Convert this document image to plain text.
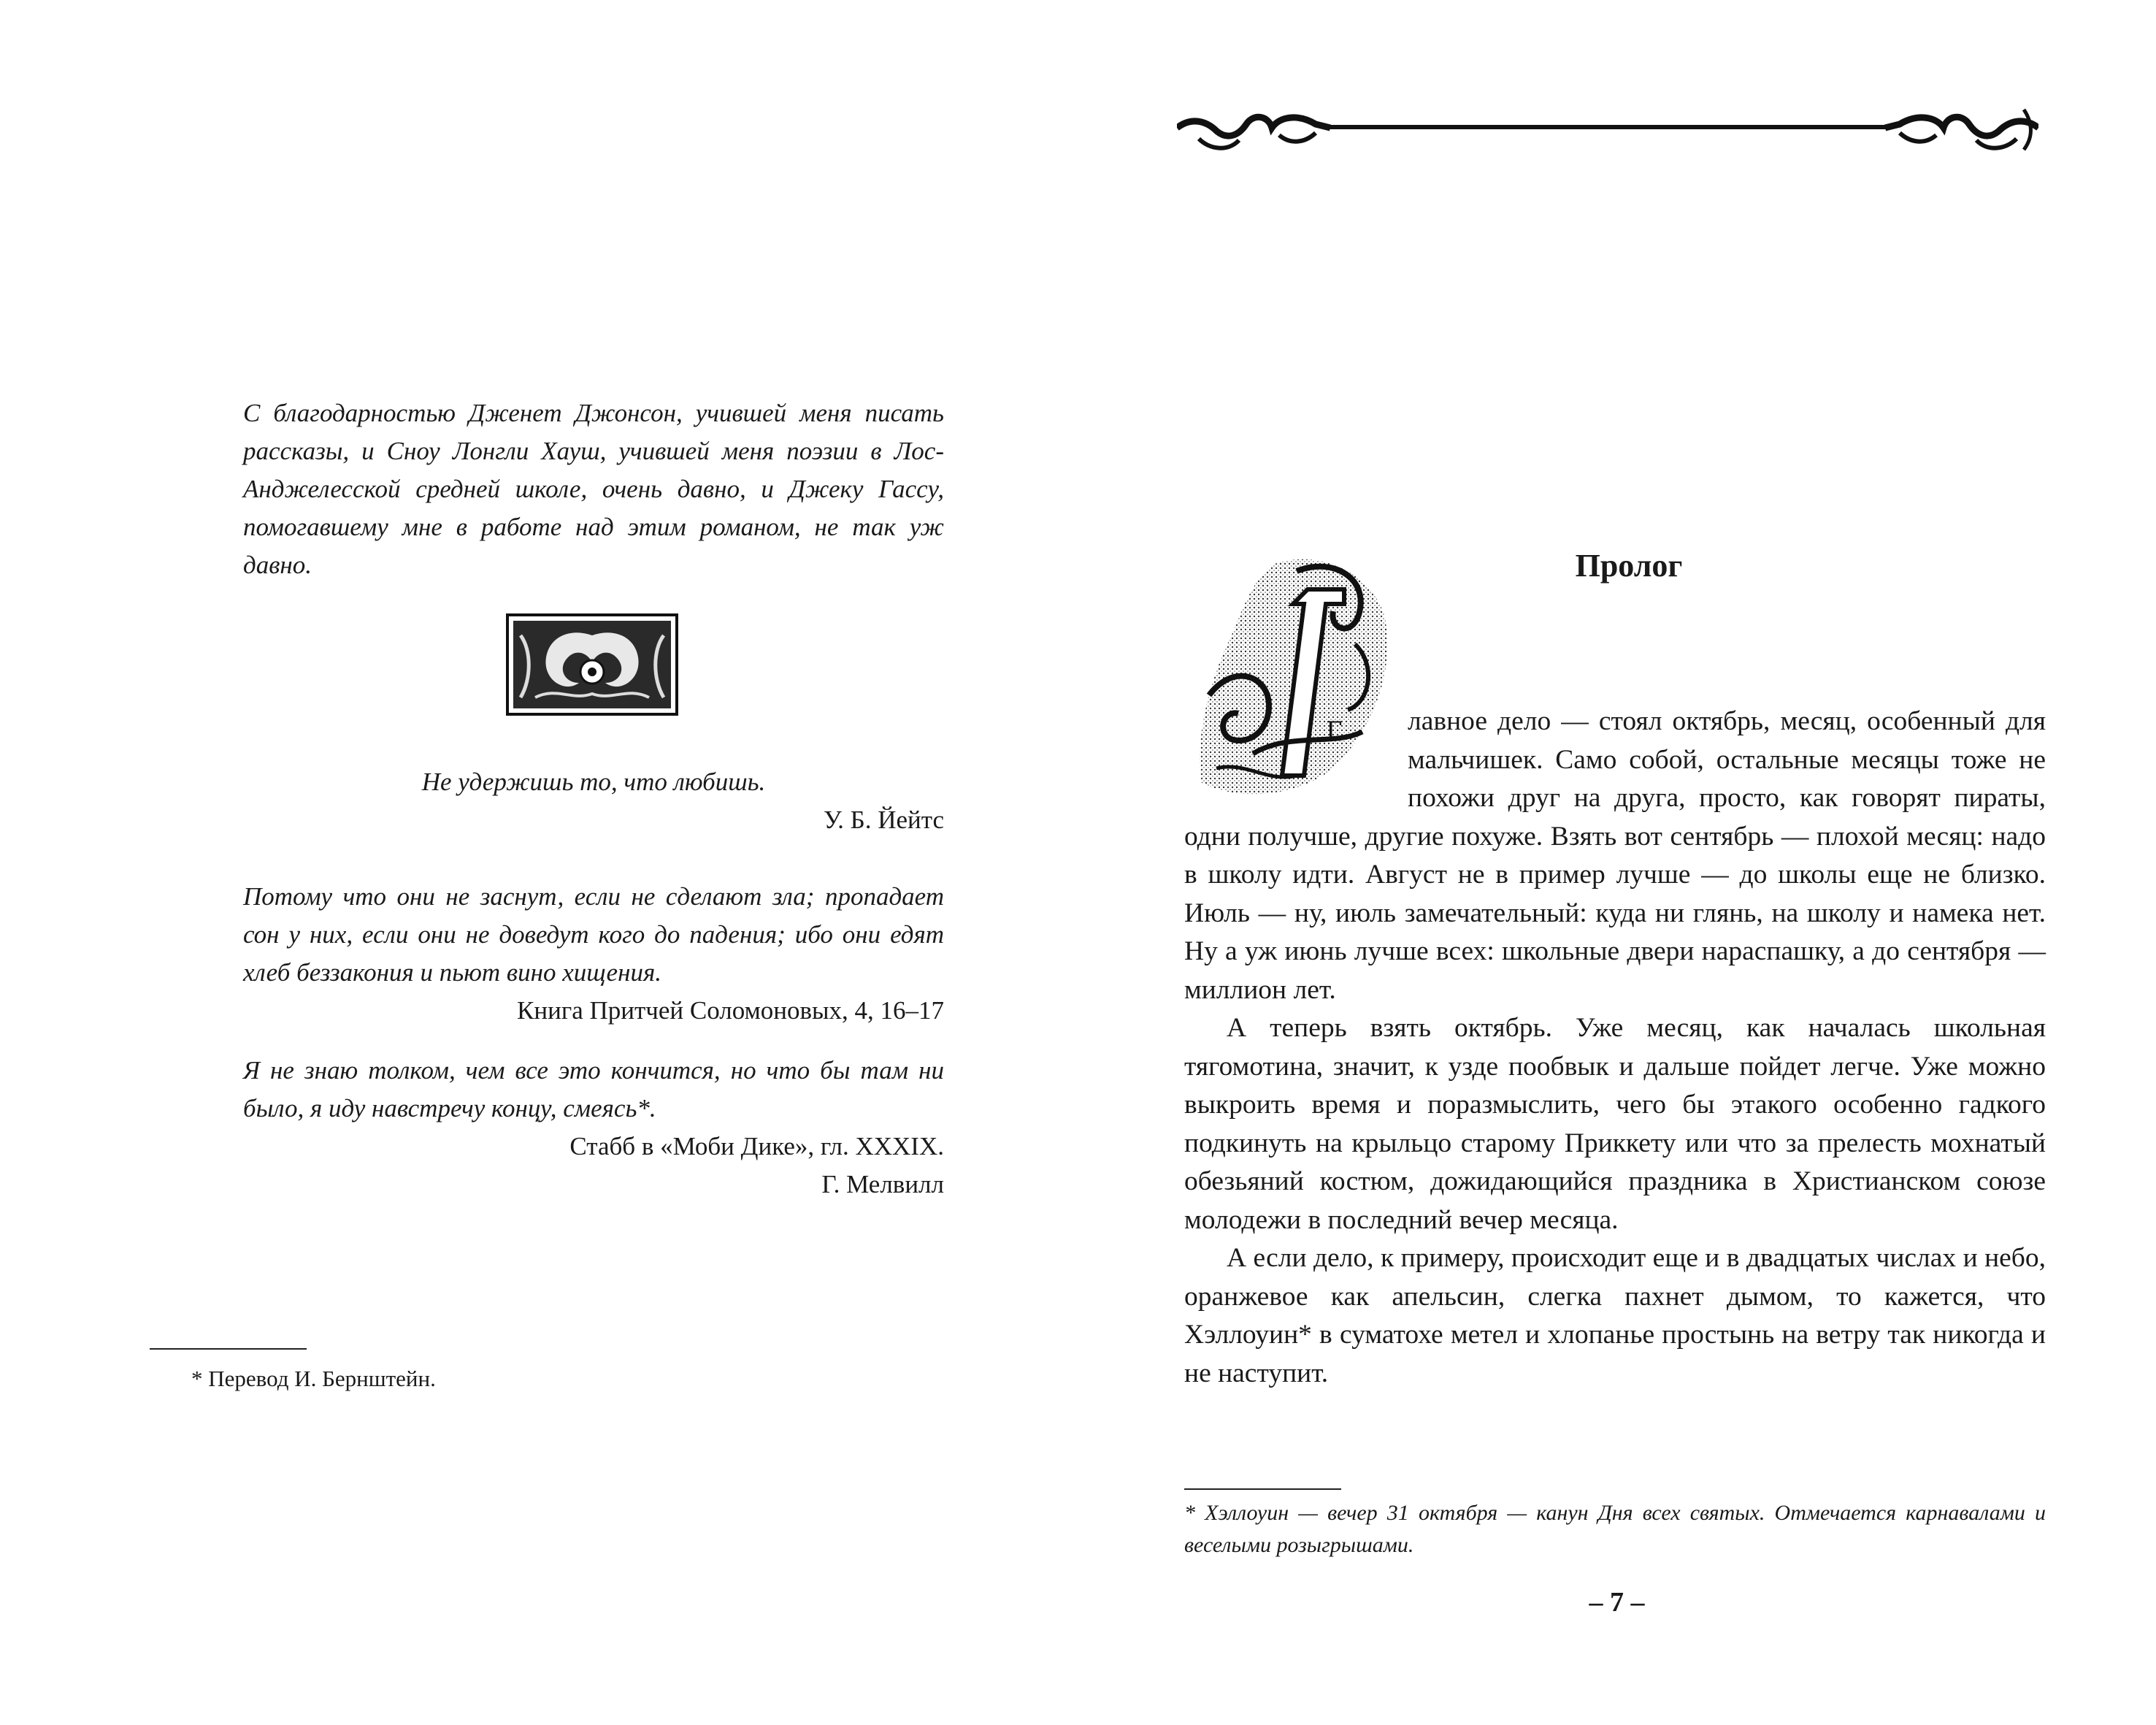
С благодарностью Дженет Джонсон, учившей меня писать рассказы, и Сноу Лонгли Хауш, учившей меня поэзии в Лос-Анджелесской средней школе, очень давно, и Джеку Гассу, помогавшему мне в работе над этим романом, не так уж давно.
Не удержишь то, что любишь.
У. Б. Йейтс
Потому что они не заснут, если не сделают зла; пропадает сон у них, если они не доведут кого до падения; ибо они едят хлеб беззакония и пьют вино хищения.
Книга Притчей Соломоновых, 4, 16–17
Я не знаю толком, чем все это кончится, но что бы там ни было, я иду навстречу концу, смеясь*.
Стабб в «Моби Дике», гл. XXXIX.
Г. Мелвилл
* Перевод И. Бернштейн.
Пролог
Г	лавное дело — стоял октябрь, месяц, особенный для мальчишек. Само собой, остальные месяцы тоже не похожи друг на друга, просто, как говорят пираты, одни получше, другие похуже. Взять вот сентябрь — плохой месяц: надо в школу идти. Август не в пример лучше — до школы еще не близко. Июль — ну, июль замечательный: куда ни глянь, на школу и намека нет. Ну а уж июнь лучше всех: школьные двери нараспашку, а до сентября — миллион лет.

А теперь взять октябрь. Уже месяц, как началась школьная тягомотина, значит, к узде пообвык и дальше пойдет легче. Уже можно выкроить время и поразмыслить, чего бы этакого особенно гадкого подкинуть на крыльцо старому Приккету или что за прелесть мохнатый обезьяний костюм, дожидающийся праздника в Христианском союзе молодежи в последний вечер месяца.

А если дело, к примеру, происходит еще и в двадцатых числах и небо, оранжевое как апельсин, слегка пахнет дымом, то кажется, что Хэллоуин* в суматохе метел и хлопанье простынь на ветру так никогда и не наступит.

* Хэллоуин — вечер 31 октября — канун Дня всех святых. Отмечается карнавалами и веселыми розыгрышами.
– 7 –
